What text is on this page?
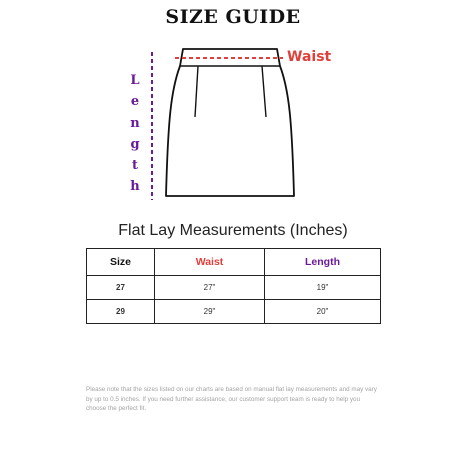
SIZE GUIDE
L
e
n
g
t
h
Waist
Flat Lay Measurements (Inches)
Size	Waist	Length
27	27"	19"
29	29"	20"
Please note that the sizes listed on our charts are based on manual flat lay measurements and may vary by up to 0.5 inches. If you need further assistance, our customer support team is ready to help you choose the perfect fit.
